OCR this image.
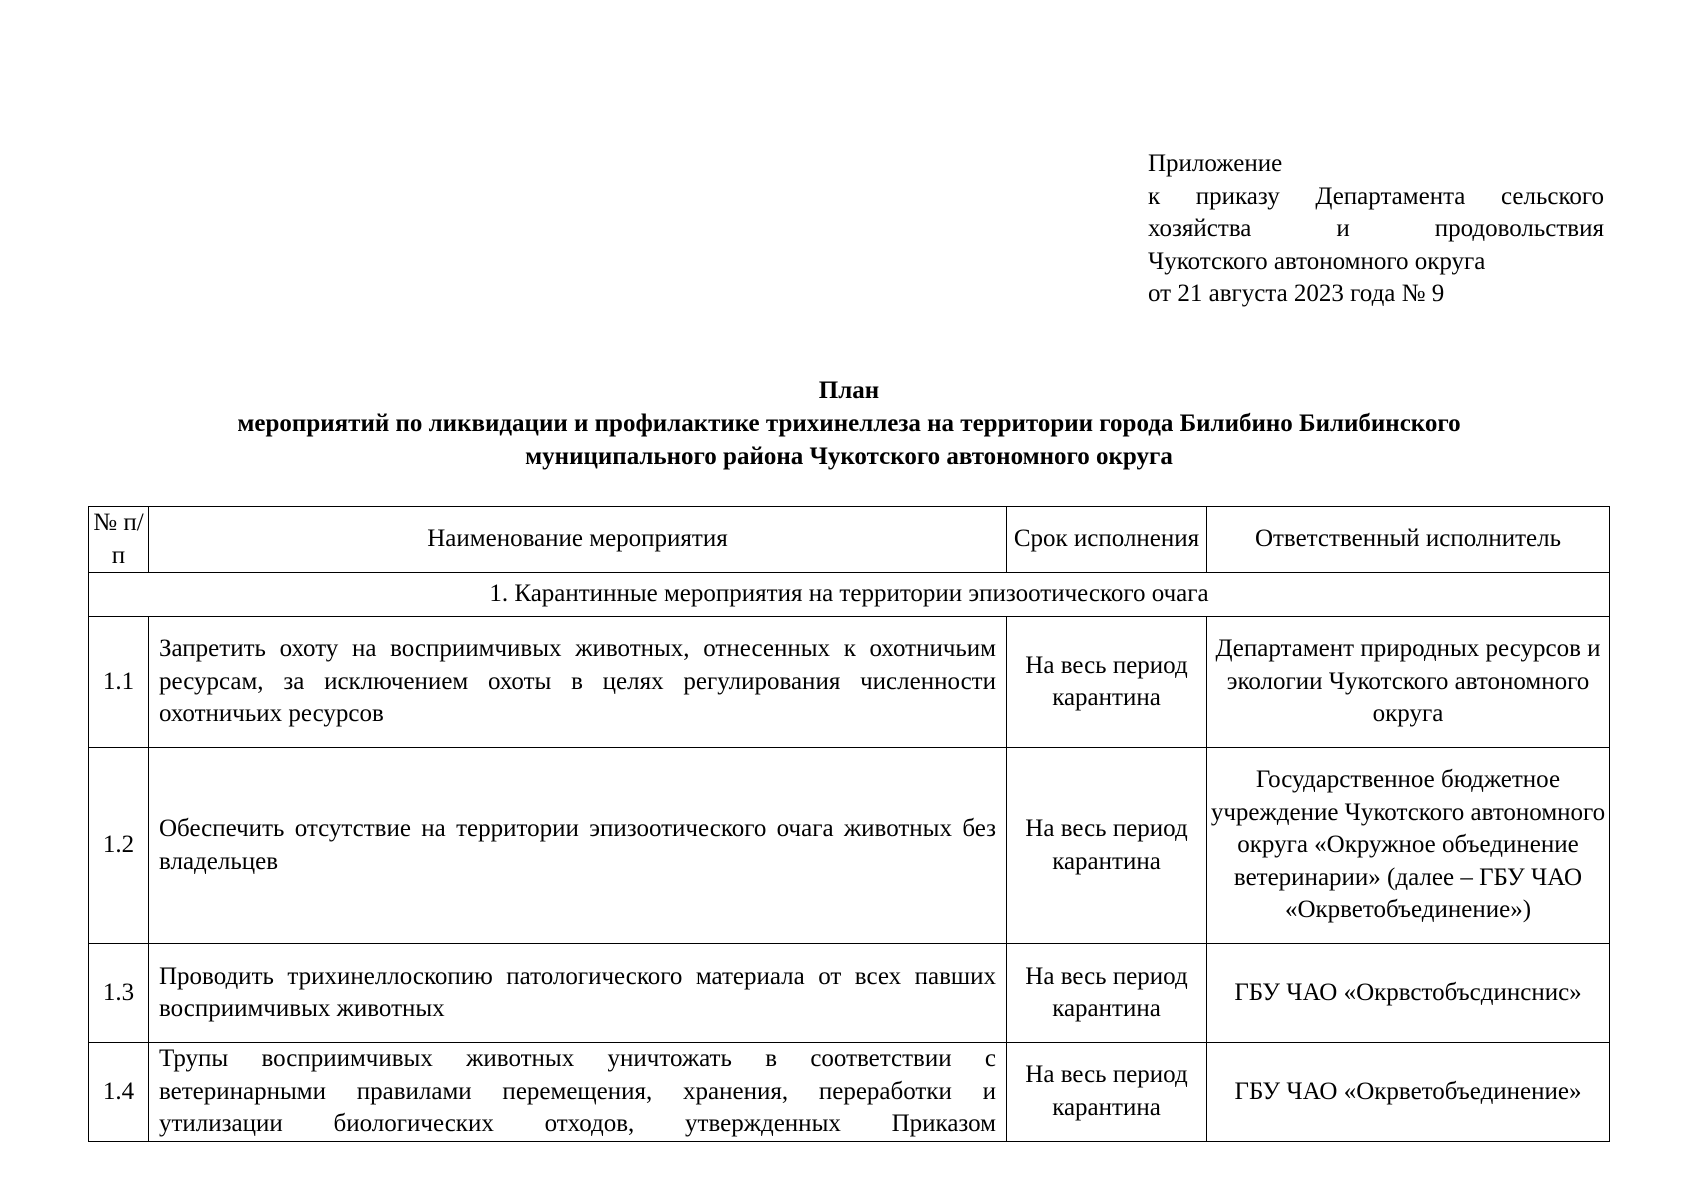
Приложение
к приказу Департамента сельского
хозяйства и продовольствия
Чукотского автономного округа
от 21 августа 2023 года № 9
План
мероприятий по ликвидации и профилактике трихинеллеза на территории города Билибино Билибинского
муниципального района Чукотского автономного округа
№ п/п	Наименование мероприятия	Срок исполнения	Ответственный исполнитель
1. Карантинные мероприятия на территории эпизоотического очага			
1.1	Запретить охоту на восприимчивых животных, отнесенных к охотничьим ресурсам, за исключением охоты в целях регулирования численности охотничьих ресурсов	На весь период карантина	Департамент природных ресурсов и экологии Чукотского автономного округа
1.2	Обеспечить отсутствие на территории эпизоотического очага животных без владельцев	На весь период карантина	Государственное бюджетное учреждение Чукотского автономного округа «Окружное объединение ветеринарии» (далее – ГБУ ЧАО «Окрветобъединение»)
1.3	Проводить трихинеллоскопию патологического материала от всех павших восприимчивых животных	На весь период карантина	ГБУ ЧАО «Окрвстобъсдинснис»
1.4	Трупы восприимчивых животных уничтожать в соответствии с
ветеринарными правилами перемещения, хранения, переработки и
утилизации биологических отходов, утвержденных Приказом	На весь период карантина	ГБУ ЧАО «Окрветобъединение»
